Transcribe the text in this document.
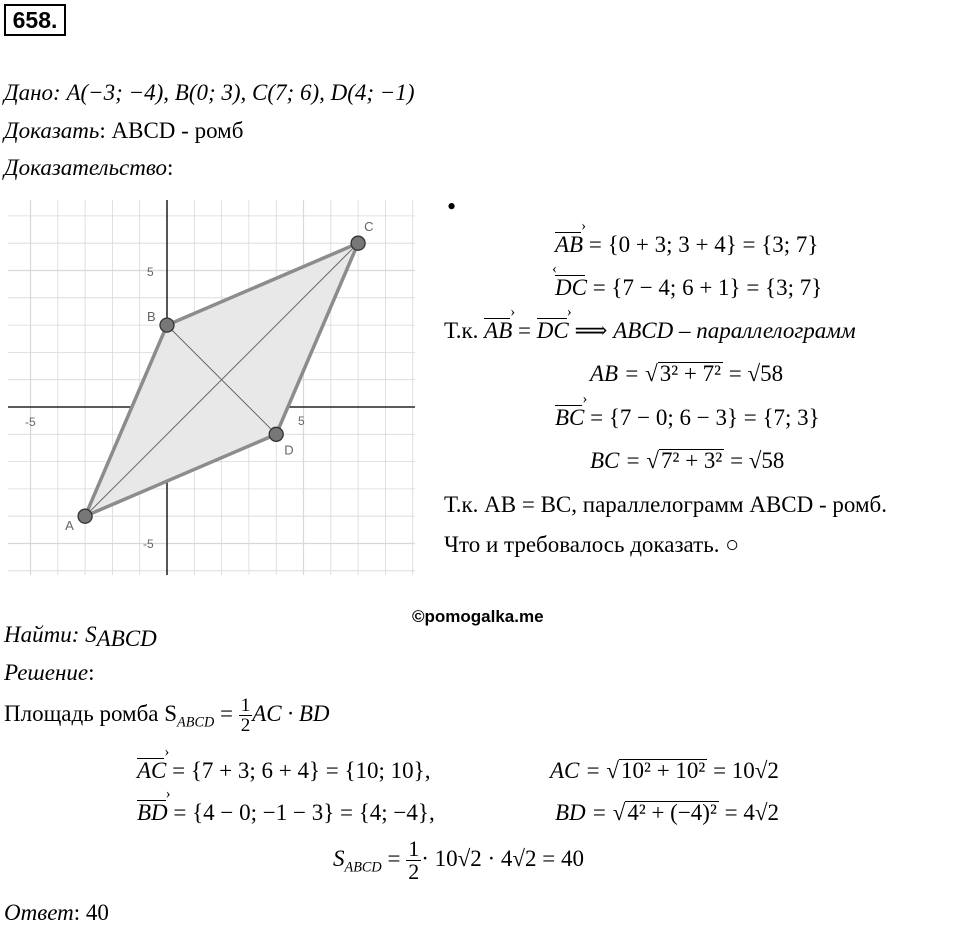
658.
Дано: A(−3; −4), B(0; 3), C(7; 6), D(4; −1)
Доказать: ABCD - ромб
Доказательство:
-5	5
5
-5
A
B
C
D
•
AB › = {0 + 3; 3 + 4} = {3; 7}
DC ‹ = {7 − 4; 6 + 1} = {3; 7}
Т.к. AB › = DC › ⟹ ABCD – параллелограмм
AB = √3² + 7² = √58
BC › = {7 − 0; 6 − 3} = {7; 3}
BC = √7² + 3² = √58
Т.к. AB = BC, параллелограмм ABCD - ромб.
Что и требовалось доказать. ○
©pomogalka.me
Найти: $S_{ABCD}$
Решение:
Площадь ромба $S_{ABCD} = \frac{1}{2}$ AC · BD
AC › = {7 + 3; 6 + 4} = {10; 10},	AC = √10² + 10² = 10√2
BD › = {4 − 0; −1 − 3} = {4; −4},	BD = √4² + (−4)² = 4√2
$S_{ABCD} = \frac{1}{2} \cdot 10√2 \cdot 4√2 = 40$
Ответ: 40
